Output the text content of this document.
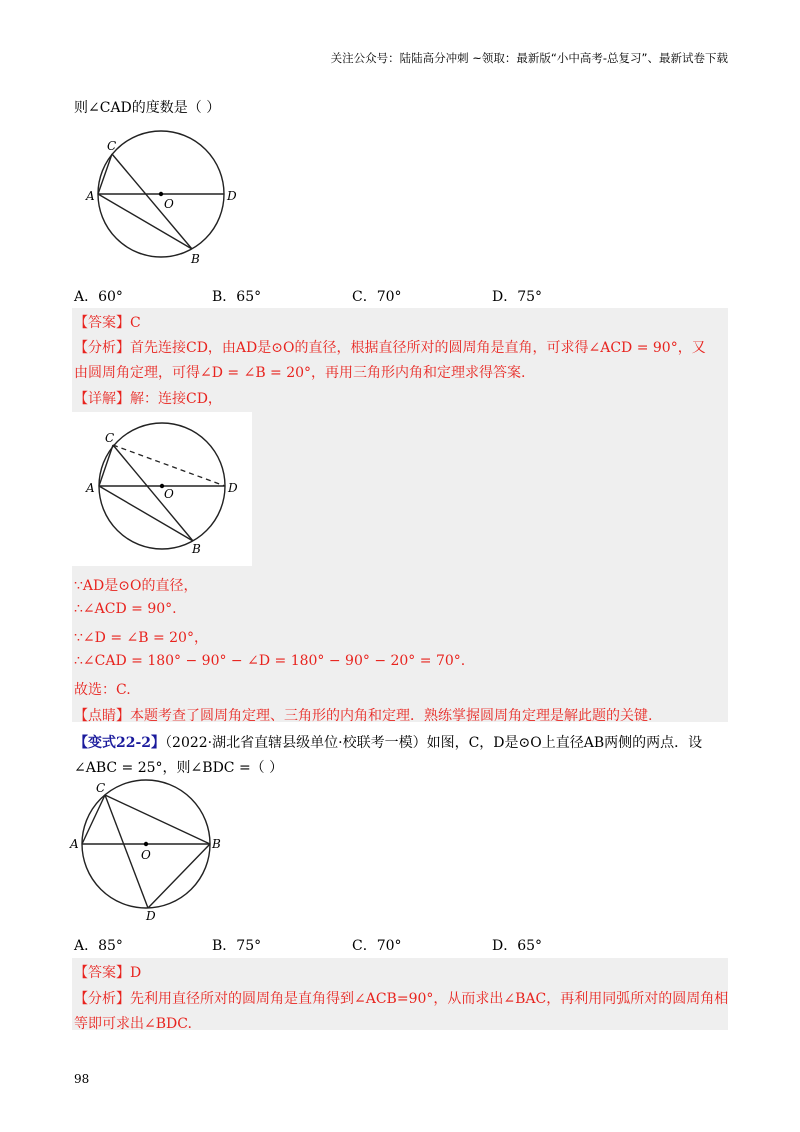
关注公众号：陆陆高分冲刺 ~领取：最新版“小中高考-总复习”、最新试卷下载
则∠CAD的度数是（ ）
C
A
O
D
B
A．60°	B．65°	C．70°	D．75°
【答案】C
【分析】首先连接CD，由AD是⊙O的直径，根据直径所对的圆周角是直角，可求得∠ACD = 90°，又
由圆周角定理，可得∠D = ∠B = 20°，再用三角形内角和定理求得答案.
【详解】解：连接CD，
C
A	O	D
B
∵AD是⊙O的直径，
∴∠ACD = 90°.
∵∠D = ∠B = 20°，
∴∠CAD = 180° − 90° − ∠D = 180° − 90° − 20° = 70°.
故选：C.
【点睛】本题考查了圆周角定理、三角形的内角和定理．熟练掌握圆周角定理是解此题的关键.
【变式22-2】（2022·湖北省直辖县级单位·校联考一模）如图，C，D是⊙O上直径AB两侧的两点．设
∠ABC = 25°，则∠BDC =（ ）
C
A
O
B
D
A．85°	B．75°	C．70°	D．65°
【答案】D
【分析】先利用直径所对的圆周角是直角得到∠ACB=90°，从而求出∠BAC，再利用同弧所对的圆周角相
等即可求出∠BDC.
98
